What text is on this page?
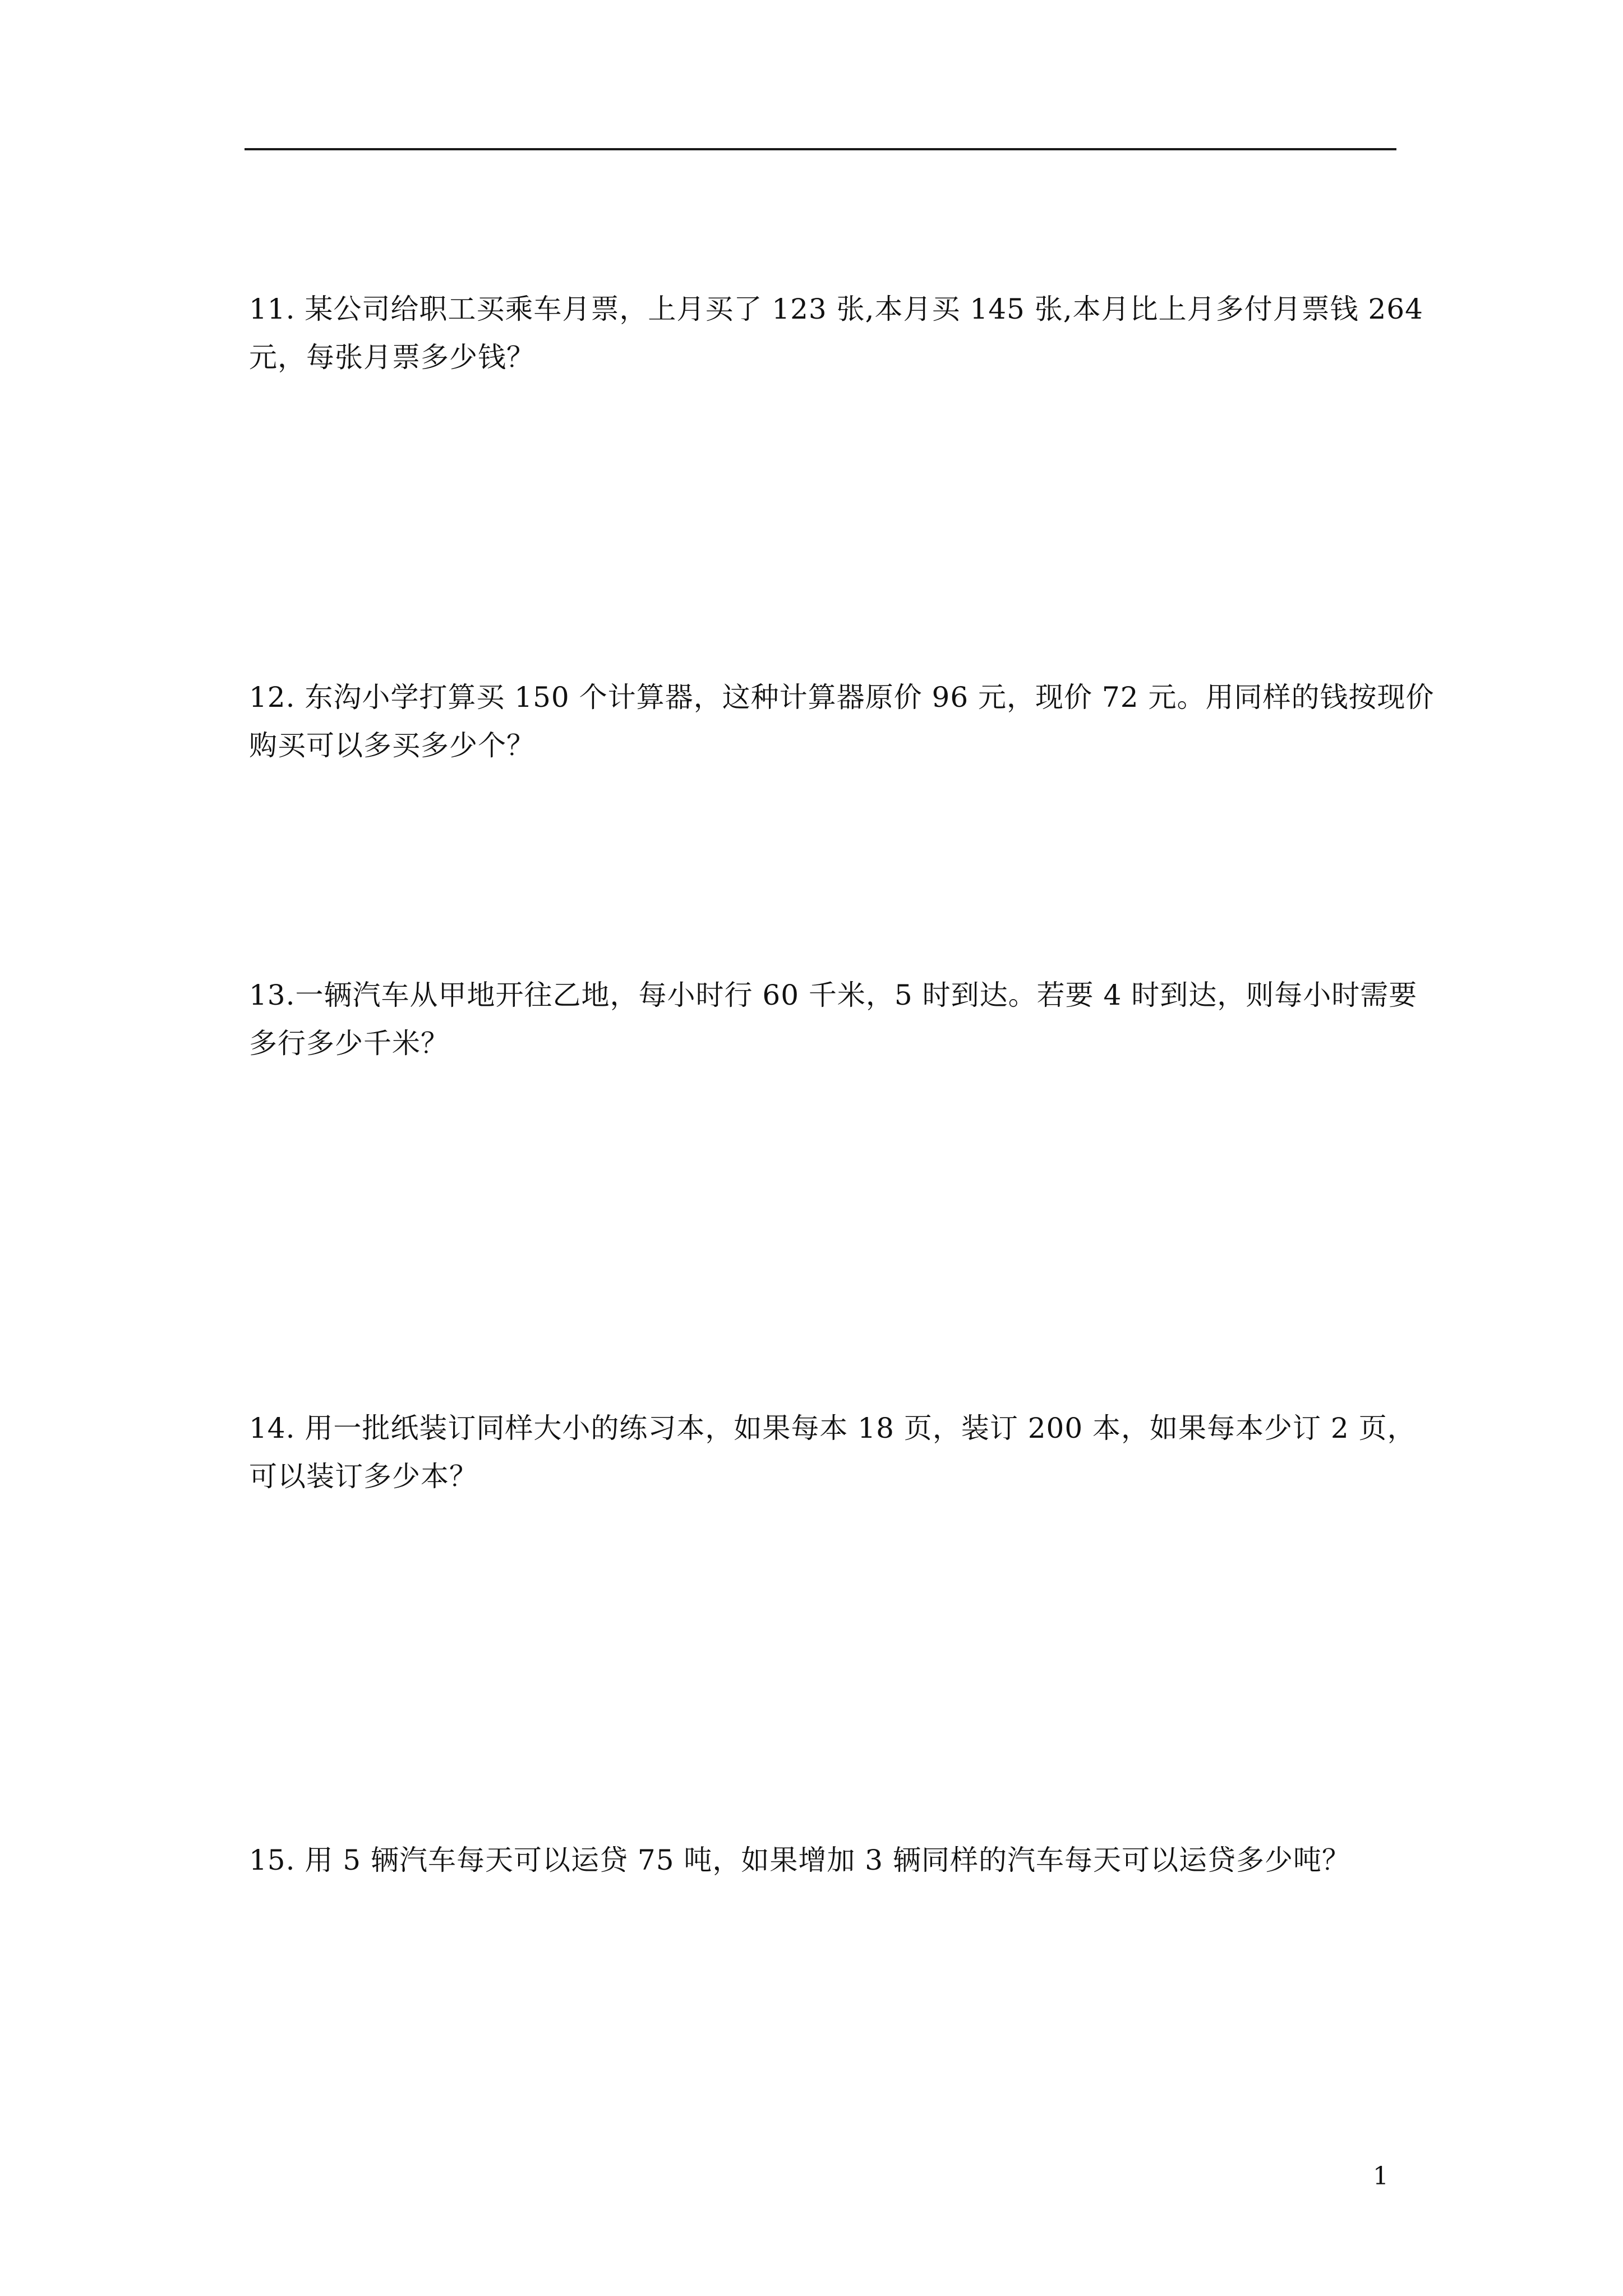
11. 某公司给职工买乘车月票，上月买了 123 张,本月买 145 张,本月比上月多付月票钱 264
元，每张月票多少钱？
12. 东沟小学打算买 150 个计算器，这种计算器原价 96 元，现价 72 元。用同样的钱按现价
购买可以多买多少个？
13.一辆汽车从甲地开往乙地，每小时行 60 千米，5 时到达。若要 4 时到达，则每小时需要
多行多少千米？
14. 用一批纸装订同样大小的练习本，如果每本 18 页，装订 200 本，如果每本少订 2 页，
可以装订多少本？
15. 用 5 辆汽车每天可以运贷 75 吨，如果增加 3 辆同样的汽车每天可以运贷多少吨？
1
